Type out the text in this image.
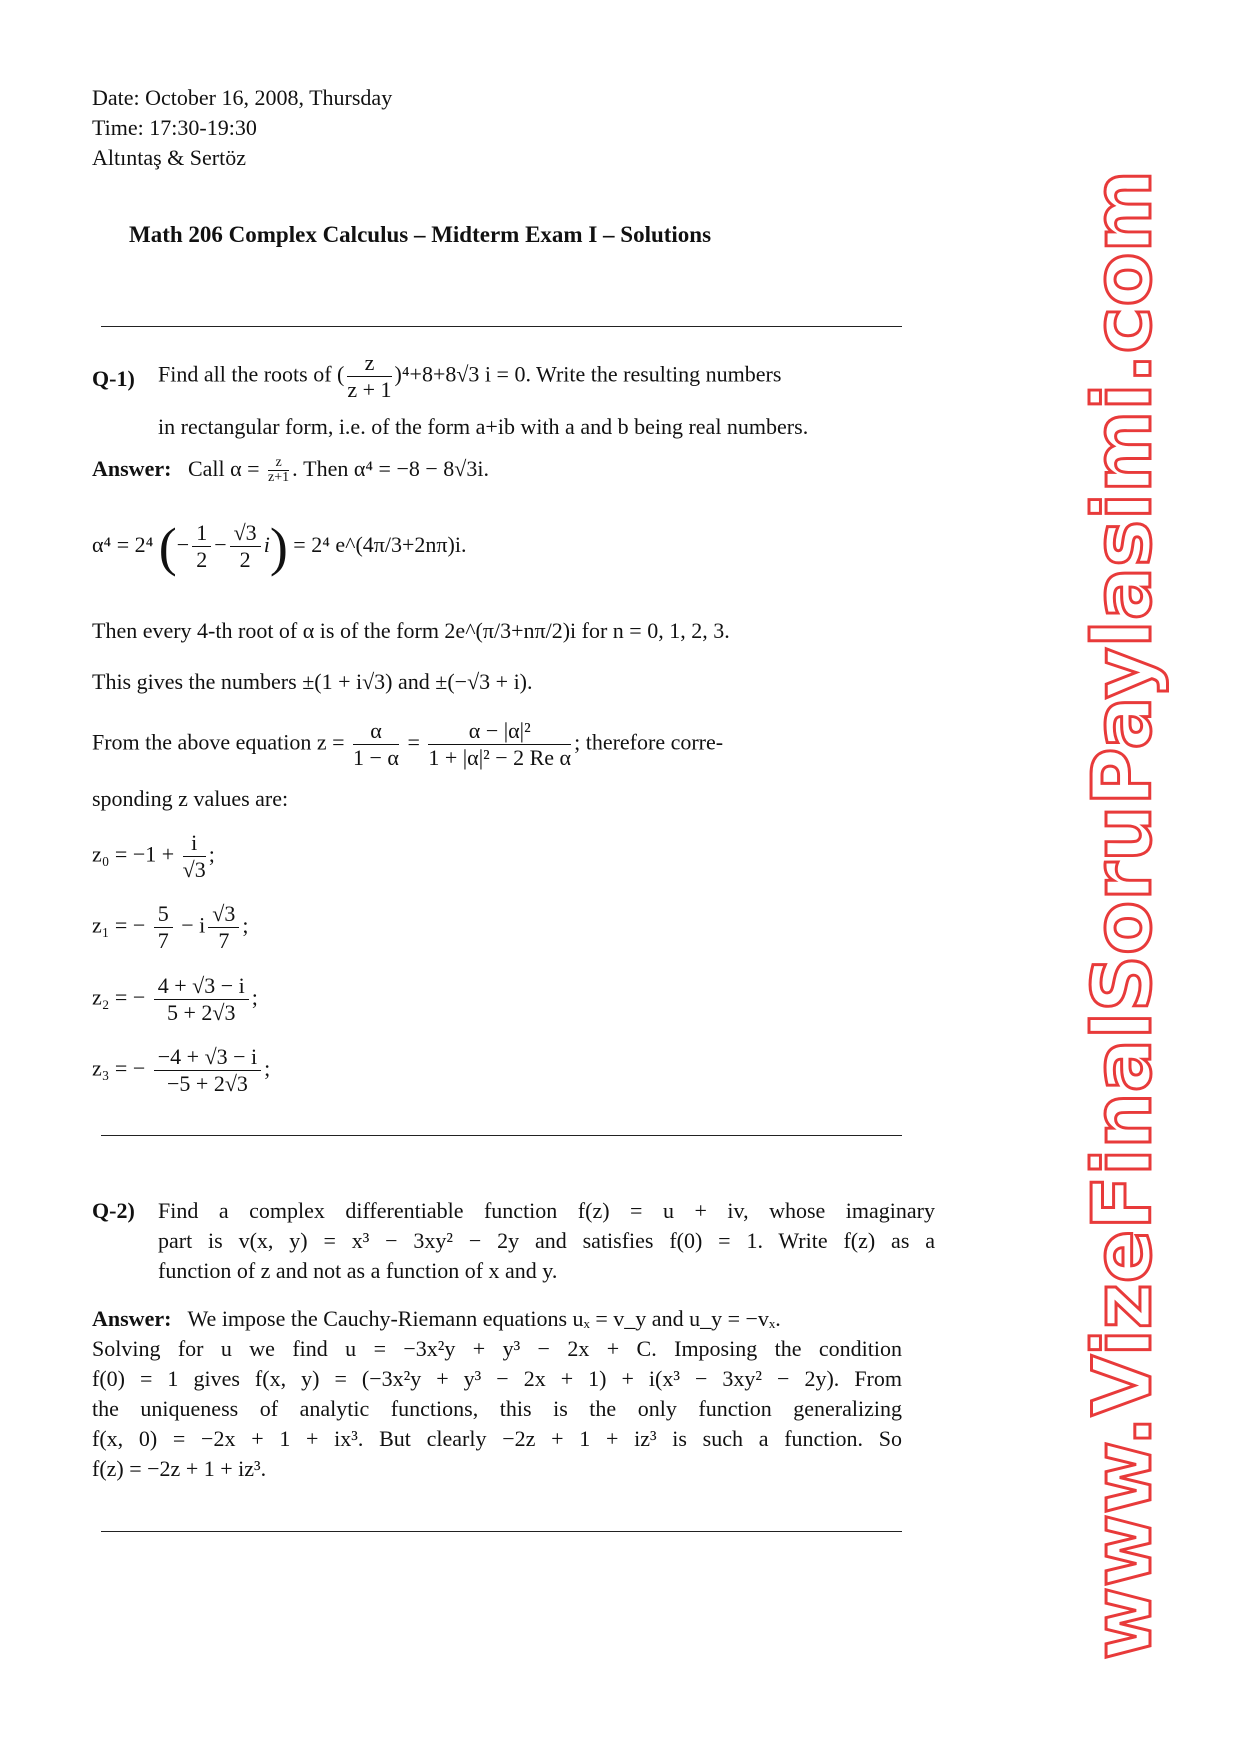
Date: October 16, 2008, Thursday
Time: 17:30-19:30
Altıntaş & Sertöz
Math 206 Complex Calculus – Midterm Exam I – Solutions
Q-1) Find all the roots of ( $\frac{z}{z + 1} )^4+8+8√3$ i = 0. Write the resulting numbers
in rectangular form, i.e. of the form a+ib with a and b being real numbers.
Answer: Call $\alpha = \frac{z}{z+1}$ . Then α⁴ = −8 − 8√3i.
α⁴ = 2⁴ (− $\frac{1}{2} - \frac{√3}{2} i) = 2^4$ e^(4π/3+2nπ)i.
Then every 4-th root of α is of the form 2e^(π/3+nπ/2)i for n = 0, 1, 2, 3.
This gives the numbers ±(1 + i√3) and ±(−√3 + i).
From the above equation $z = \frac{\alpha}{1 - \alpha} = \frac{\text{α − |α|²}}{\text{1 + |α|² − 2 Re α}}$ ; therefore corre-
sponding z values are:
$z_0 = -1 + \frac{i}{√3}$ ;
z₁ = − $\frac{5}{7} - i \frac{√3}{7}$ ;
z₂ = − $\frac{4 + √3 - i}{5 + 2√3}$ ;
z₃ = − $\frac{-4 + √3 - i}{-5 + 2√3}$ ;
Q-2) Find a complex differentiable function f(z) = u + iv, whose imaginary
part is v(x, y) = x³ − 3xy² − 2y and satisfies f(0) = 1. Write f(z) as a
function of z and not as a function of x and y.
Answer: We impose the Cauchy-Riemann equations uₓ = v_y and u_y = −vₓ.
Solving for u we find u = −3x²y + y³ − 2x + C. Imposing the condition
f(0) = 1 gives f(x, y) = (−3x²y + y³ − 2x + 1) + i(x³ − 3xy² − 2y). From
the uniqueness of analytic functions, this is the only function generalizing
f(x, 0) = −2x + 1 + ix³. But clearly −2z + 1 + iz³ is such a function. So
f(z) = −2z + 1 + iz³.	www.VizeFinalSoruPaylasimi.com
